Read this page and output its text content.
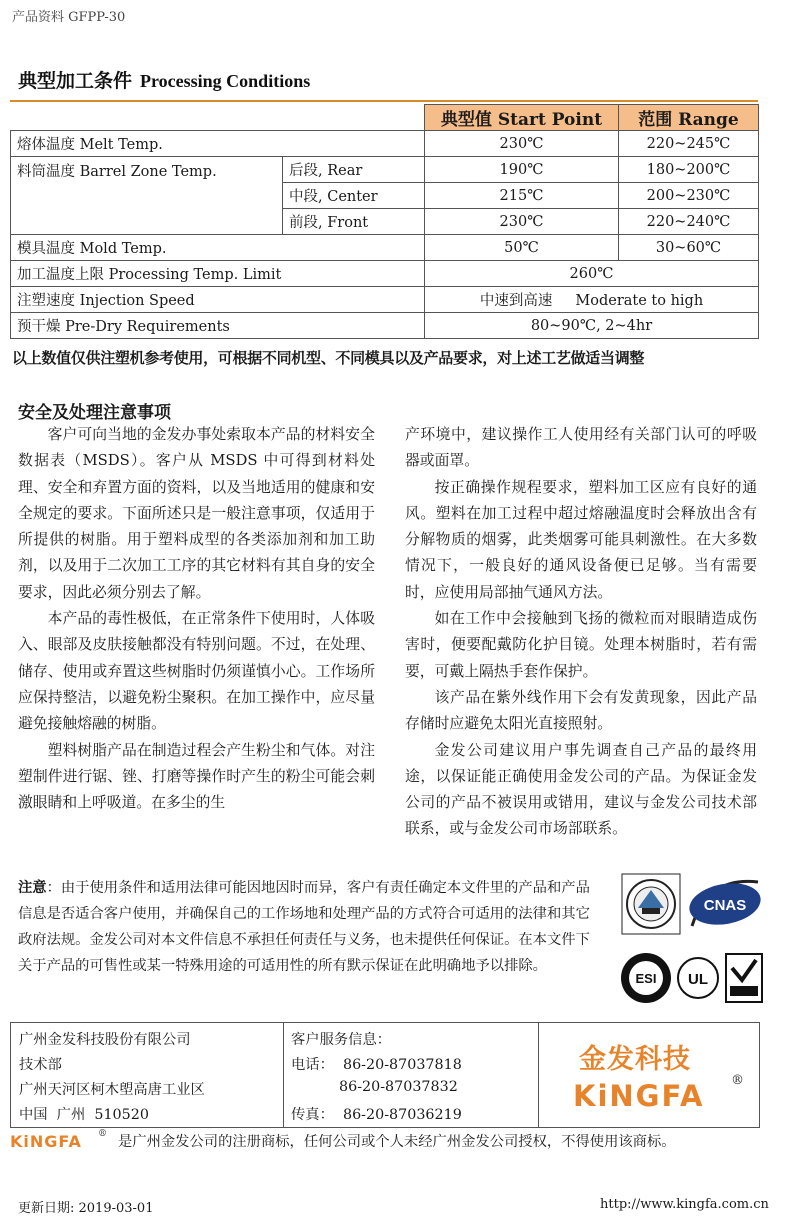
产品资料 GFPP-30
典型加工条件 Processing Conditions
		典型值 Start Point	范围 Range
熔体温度 Melt Temp.		230℃	220~245℃
料筒温度 Barrel Zone Temp.	后段, Rear	190℃	180~200℃
	中段, Center	215℃	200~230℃
	前段, Front	230℃	220~240℃
模具温度 Mold Temp.		50℃	30~60℃
加工温度上限 Processing Temp. Limit		260℃	
注塑速度 Injection Speed		中速到高速     Moderate to high	
预干燥 Pre-Dry Requirements		80~90℃, 2~4hr	
以上数值仅供注塑机参考使用，可根据不同机型、不同模具以及产品要求，对上述工艺做适当调整
安全及处理注意事项

客户可向当地的金发办事处索取本产品的材料安全数据表（MSDS）。客户从 MSDS 中可得到材料处理、安全和弃置方面的资料，以及当地适用的健康和安全规定的要求。下面所述只是一般注意事项，仅适用于所提供的树脂。用于塑料成型的各类添加剂和加工助剂，以及用于二次加工工序的其它材料有其自身的安全要求，因此必须分别去了解。

本产品的毒性极低，在正常条件下使用时，人体吸入、眼部及皮肤接触都没有特别问题。不过，在处理、储存、使用或弃置这些树脂时仍须谨慎小心。工作场所应保持整洁，以避免粉尘聚积。在加工操作中，应尽量避免接触熔融的树脂。

塑料树脂产品在制造过程会产生粉尘和气体。对注塑制件进行锯、锉、打磨等操作时产生的粉尘可能会刺激眼睛和上呼吸道。在多尘的生

产环境中，建议操作工人使用经有关部门认可的呼吸器或面罩。

按正确操作规程要求，塑料加工区应有良好的通风。塑料在加工过程中超过熔融温度时会释放出含有分解物质的烟雾，此类烟雾可能具刺激性。在大多数情况下，一般良好的通风设备便已足够。当有需要时，应使用局部抽气通风方法。

如在工作中会接触到飞扬的微粒而对眼睛造成伤害时，便要配戴防化护目镜。处理本树脂时，若有需要，可戴上隔热手套作保护。

该产品在紫外线作用下会有发黄现象，因此产品存储时应避免太阳光直接照射。

金发公司建议用户事先调查自己产品的最终用途，以保证能正确使用金发公司的产品。为保证金发公司的产品不被误用或错用，建议与金发公司技术部联系，或与金发公司市场部联系。

注意：由于使用条件和适用法律可能因地因时而异，客户有责任确定本文件里的产品和产品信息是否适合客户使用，并确保自己的工作场地和处理产品的方式符合可适用的法律和其它政府法规。金发公司对本文件信息不承担任何责任与义务，也未提供任何保证。在本文件下关于产品的可售性或某一特殊用途的可适用性的所有默示保证在此明确地予以排除。
CNAS
ESI UL
广州金发科技股份有限公司
技术部
广州天河区柯木塱高唐工业区
中国  广州  510520
客户服务信息：
电话：  86-20-87037818
86-20-87037832
传真：  86-20-87036219
金发科技
KiNGFA ®
KiNGFA ® 是广州金发公司的注册商标，任何公司或个人未经广州金发公司授权，不得使用该商标。
更新日期: 2019-03-01	http://www.kingfa.com.cn
